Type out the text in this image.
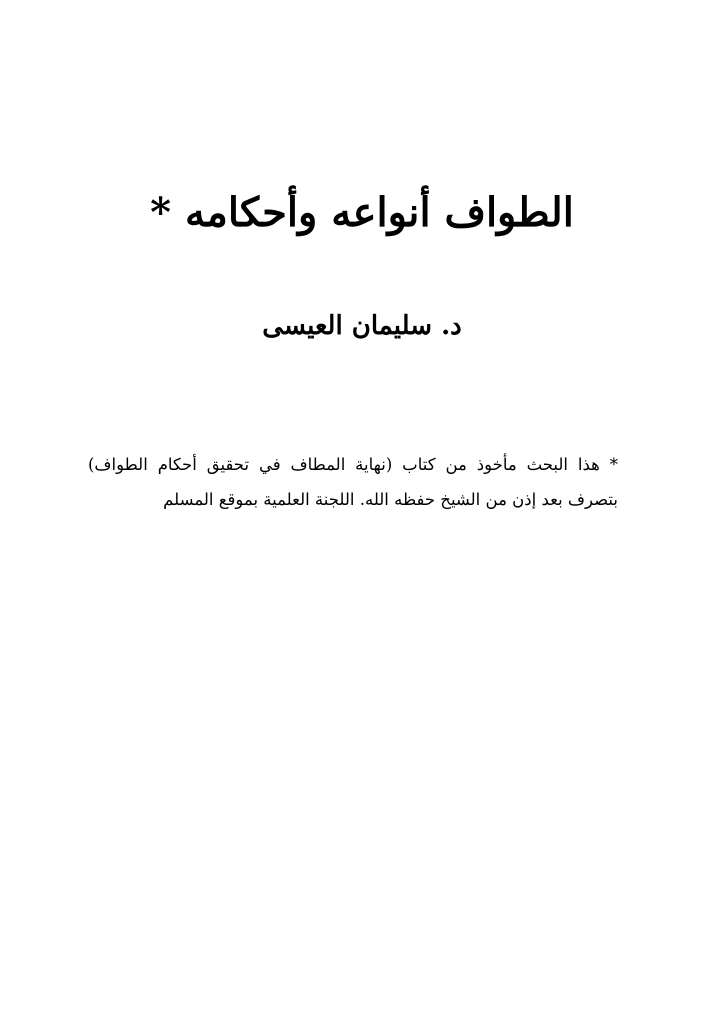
الطواف أنواعه وأحكامه *

د. سليمان العيسى

* هذا البحث مأخوذ من كتاب (نهاية المطاف في تحقيق أحكام الطواف) بتصرف بعد إذن من الشيخ حفظه الله. اللجنة العلمية بموقع المسلم
